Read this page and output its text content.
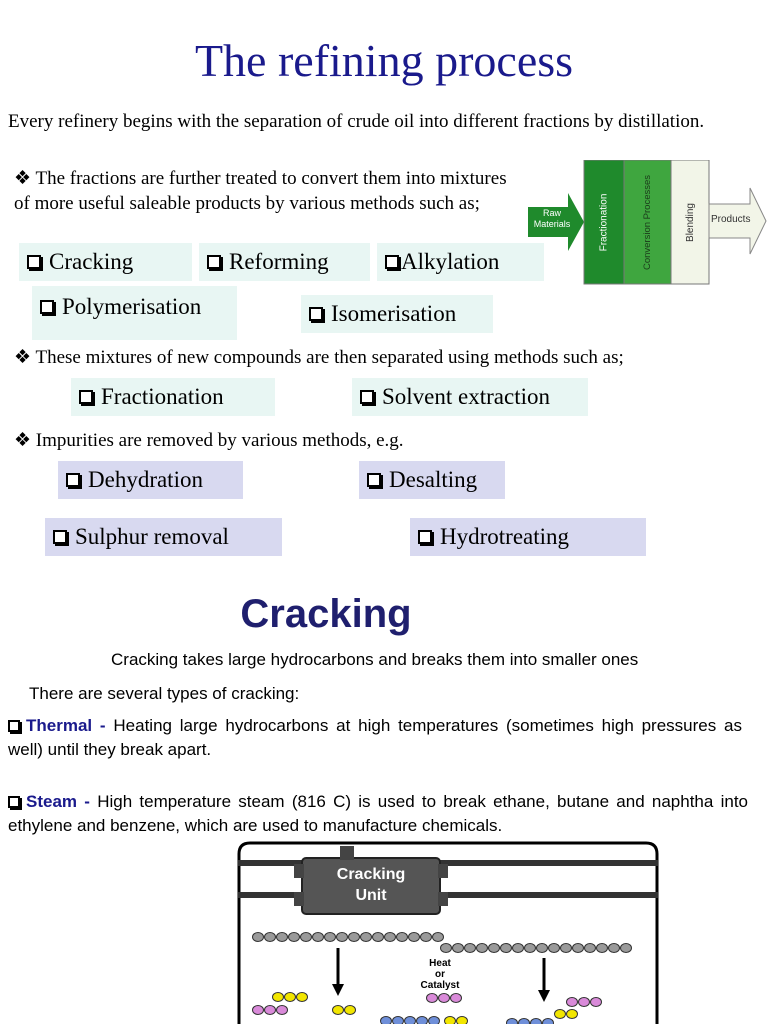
The refining process
Every refinery begins with the separation of crude oil into different fractions by distillation.
❖ The fractions are further treated to convert them into mixtures of more useful saleable products by various methods such as;	Raw Materials	Fractionation	Conversion Processes	Blending Products
Cracking	Reforming	Alkylation
Polymerisation	Isomerisation
❖ These mixtures of new compounds are then separated using methods such as;
Fractionation	Solvent extraction
❖ Impurities are removed by various methods, e.g.
Dehydration	Desalting
Sulphur removal	Hydrotreating
Cracking
Cracking takes large hydrocarbons and breaks them into smaller ones
There are several types of cracking:
Thermal - Heating large hydrocarbons at high temperatures (sometimes high pressures as well) until they break apart.
Steam - High temperature steam (816 C) is used to break ethane, butane and naphtha into ethylene and benzene, which are used to manufacture chemicals.
Cracking
Unit
Heat
or
Catalyst
